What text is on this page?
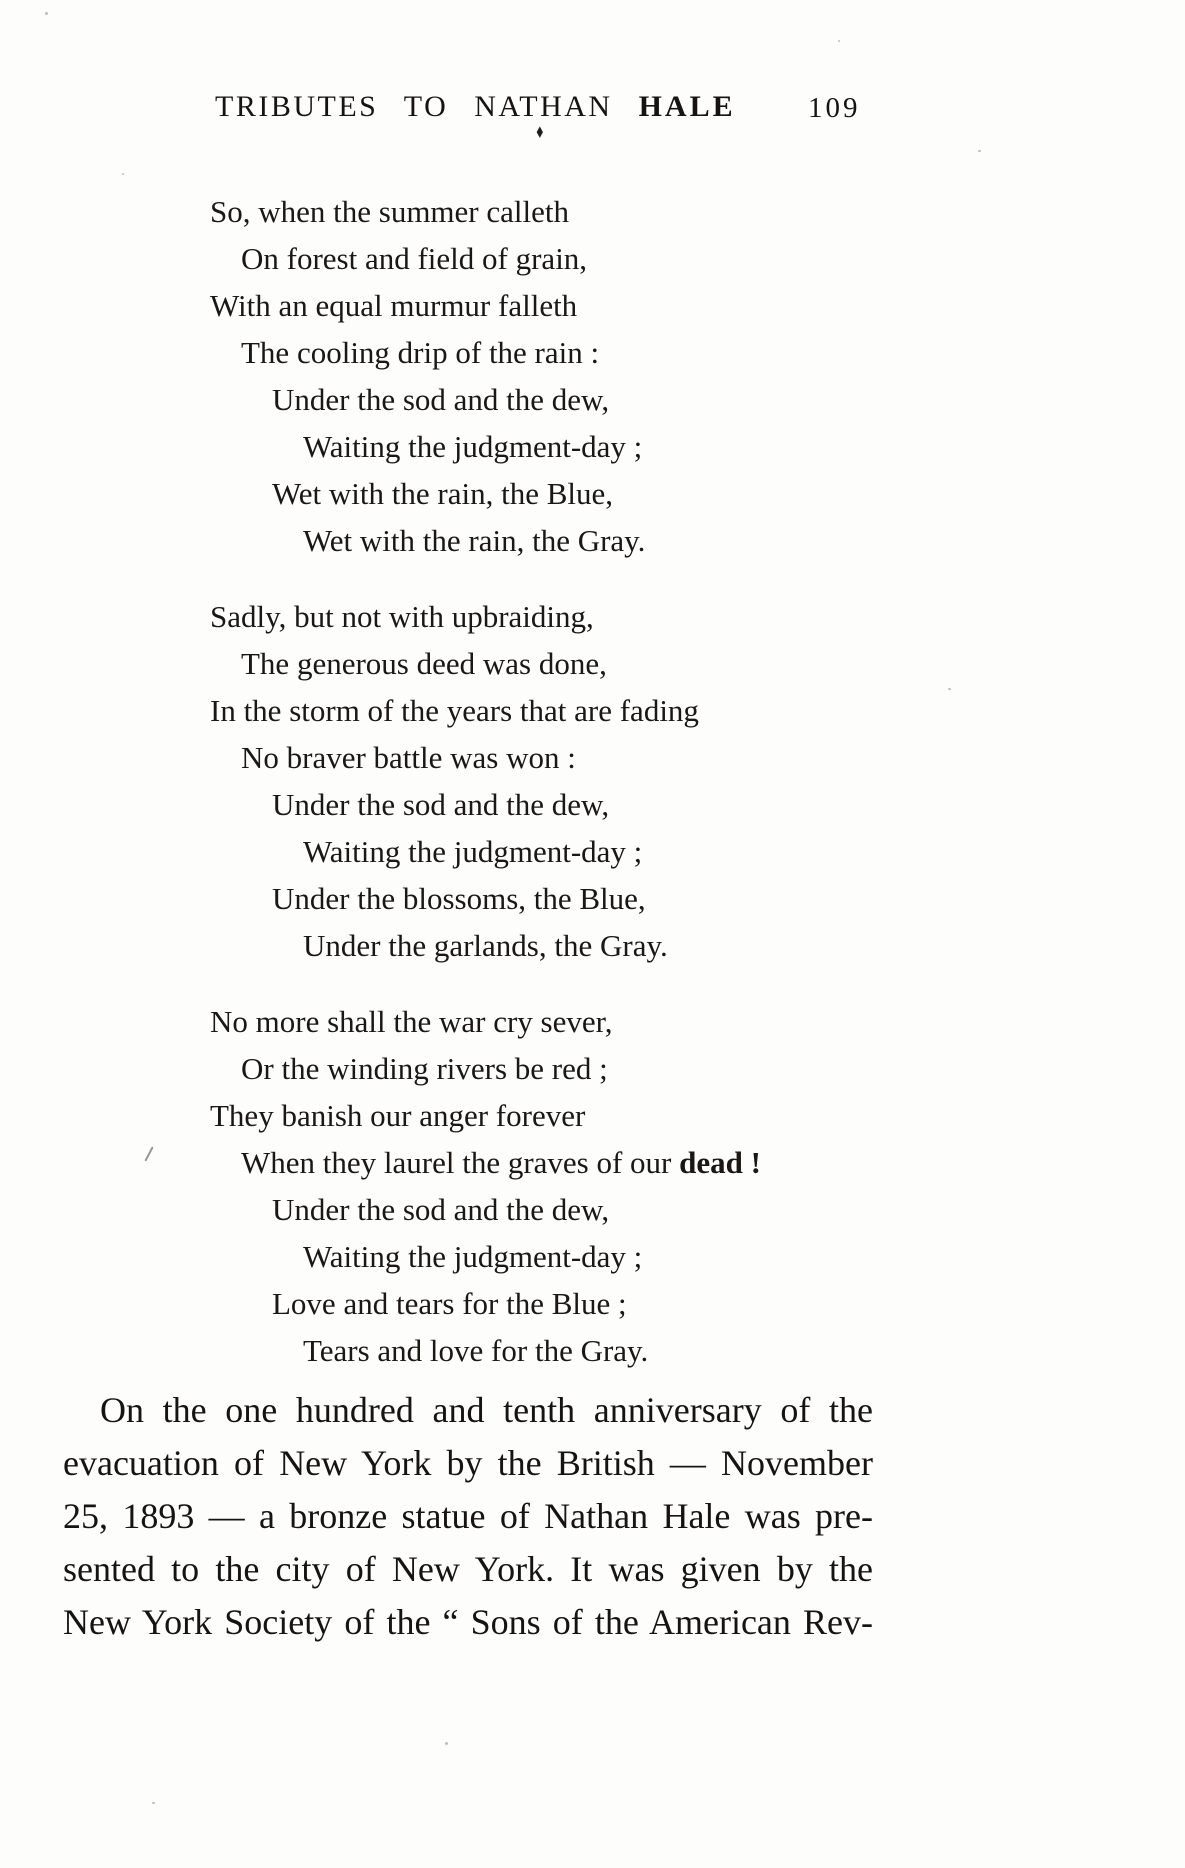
TRIBUTES TO NATHAN HALE 109
◆
So, when the summer calleth
On forest and field of grain,
With an equal murmur falleth
The cooling drip of the rain :
Under the sod and the dew,
Waiting the judgment-day ;
Wet with the rain, the Blue,
Wet with the rain, the Gray.
Sadly, but not with upbraiding,
The generous deed was done,
In the storm of the years that are fading
No braver battle was won :
Under the sod and the dew,
Waiting the judgment-day ;
Under the blossoms, the Blue,
Under the garlands, the Gray.
No more shall the war cry sever,
Or the winding rivers be red ;
They banish our anger forever
When they laurel the graves of our dead !
Under the sod and the dew,
Waiting the judgment-day ;
Love and tears for the Blue ;
Tears and love for the Gray.
On the one hundred and tenth anniversary of the
evacuation of New York by the British — November
25, 1893 — a bronze statue of Nathan Hale was pre-
sented to the city of New York. It was given by the
New York Society of the “ Sons of the American Rev-
